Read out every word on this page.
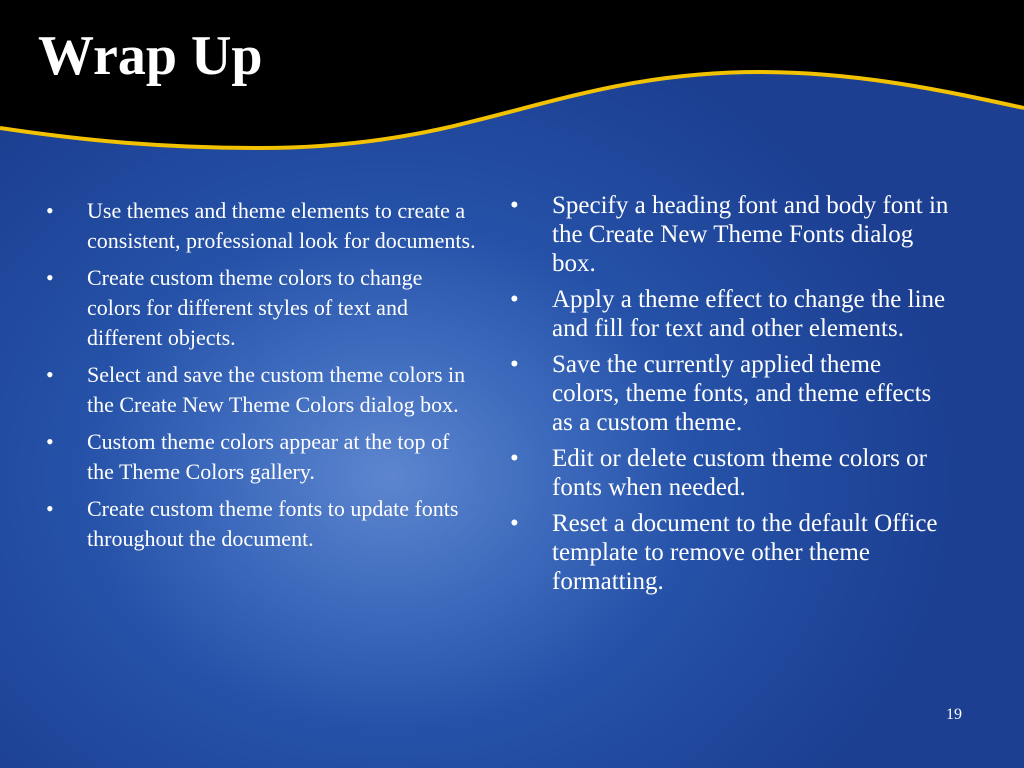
Wrap Up
• Use themes and theme elements to create a consistent, professional look for documents.
• Create custom theme colors to change colors for different styles of text and different objects.
• Select and save the custom theme colors in the Create New Theme Colors dialog box.
• Custom theme colors appear at the top of the Theme Colors gallery.
• Create custom theme fonts to update fonts throughout the document.
• Specify a heading font and body font in the Create New Theme Fonts dialog box.
• Apply a theme effect to change the line and fill for text and other elements.
• Save the currently applied theme colors, theme fonts, and theme effects as a custom theme.
• Edit or delete custom theme colors or fonts when needed.
• Reset a document to the default Office template to remove other theme formatting.
19
